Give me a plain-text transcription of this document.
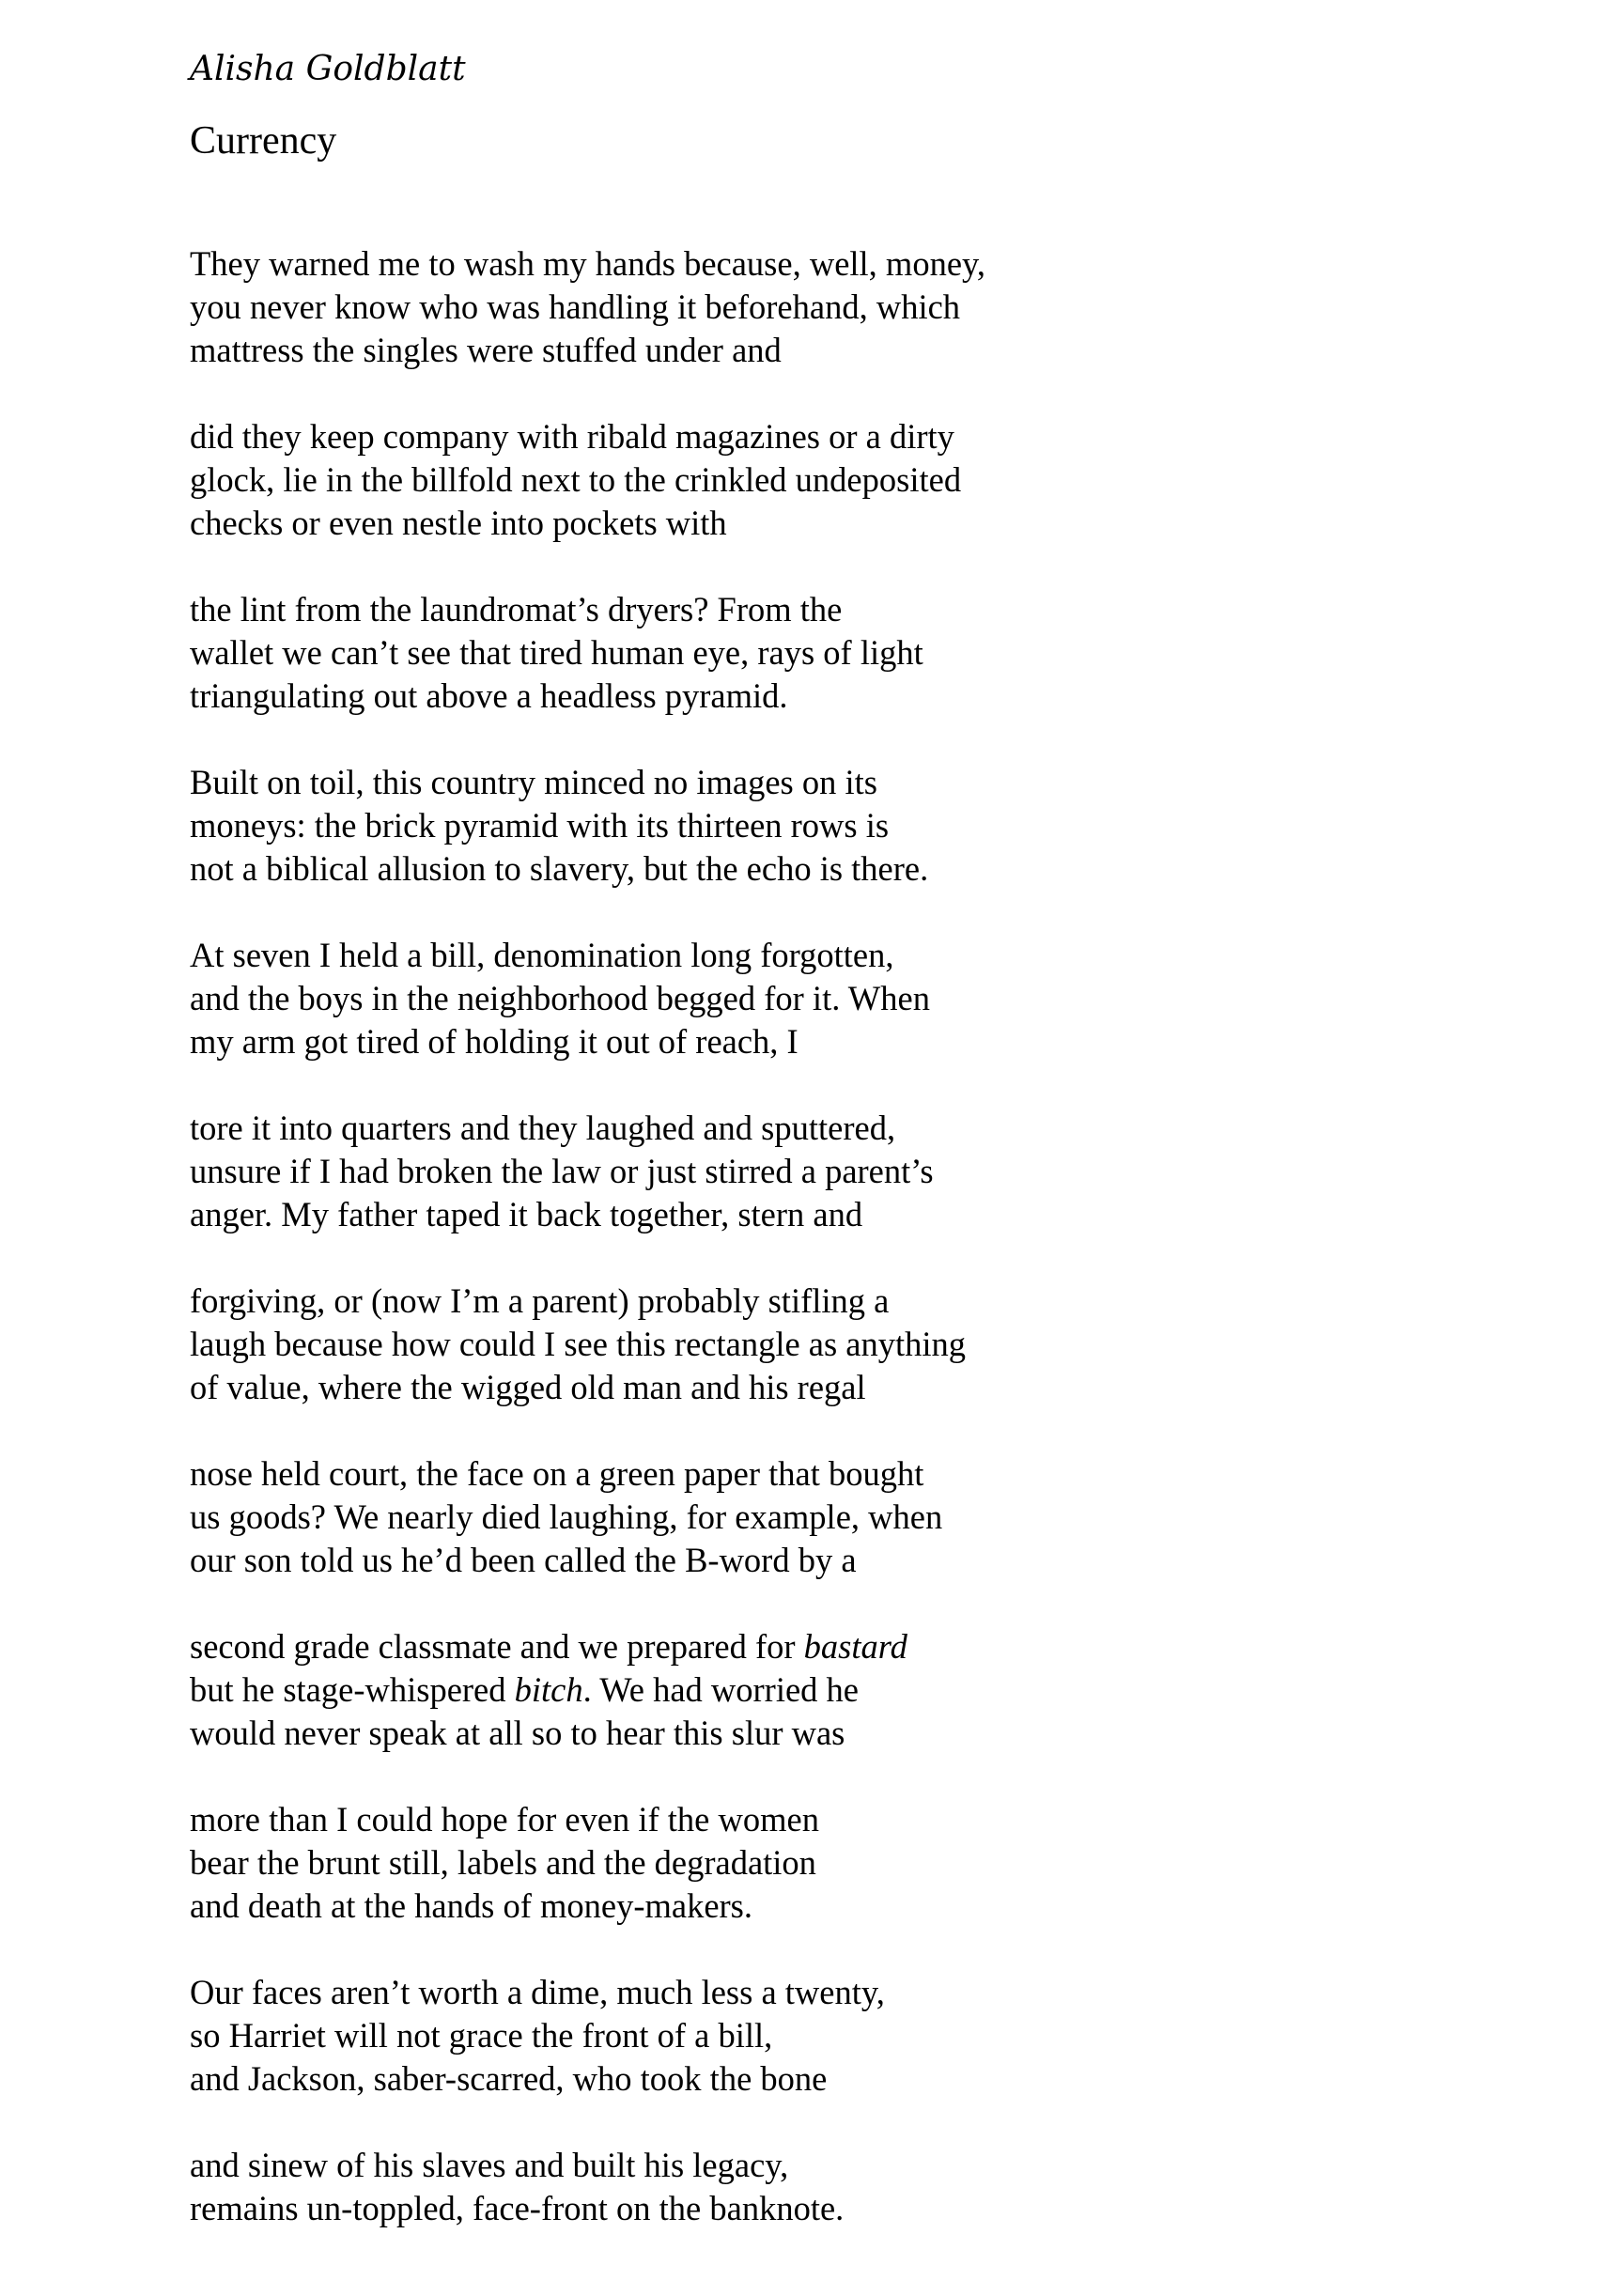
Alisha Goldblatt
Currency
They warned me to wash my hands because, well, money,
you never know who was handling it beforehand, which
mattress the singles were stuffed under and
did they keep company with ribald magazines or a dirty
glock, lie in the billfold next to the crinkled undeposited
checks or even nestle into pockets with
the lint from the laundromat’s dryers? From the
wallet we can’t see that tired human eye, rays of light
triangulating out above a headless pyramid.
Built on toil, this country minced no images on its
moneys: the brick pyramid with its thirteen rows is
not a biblical allusion to slavery, but the echo is there.
At seven I held a bill, denomination long forgotten,
and the boys in the neighborhood begged for it. When
my arm got tired of holding it out of reach, I
tore it into quarters and they laughed and sputtered,
unsure if I had broken the law or just stirred a parent’s
anger. My father taped it back together, stern and
forgiving, or (now I’m a parent) probably stifling a
laugh because how could I see this rectangle as anything
of value, where the wigged old man and his regal
nose held court, the face on a green paper that bought
us goods? We nearly died laughing, for example, when
our son told us he’d been called the B-word by a
second grade classmate and we prepared for bastard
but he stage-whispered bitch. We had worried he
would never speak at all so to hear this slur was
more than I could hope for even if the women
bear the brunt still, labels and the degradation
and death at the hands of money-makers.
Our faces aren’t worth a dime, much less a twenty,
so Harriet will not grace the front of a bill,
and Jackson, saber-scarred, who took the bone
and sinew of his slaves and built his legacy,
remains un-toppled, face-front on the banknote.
